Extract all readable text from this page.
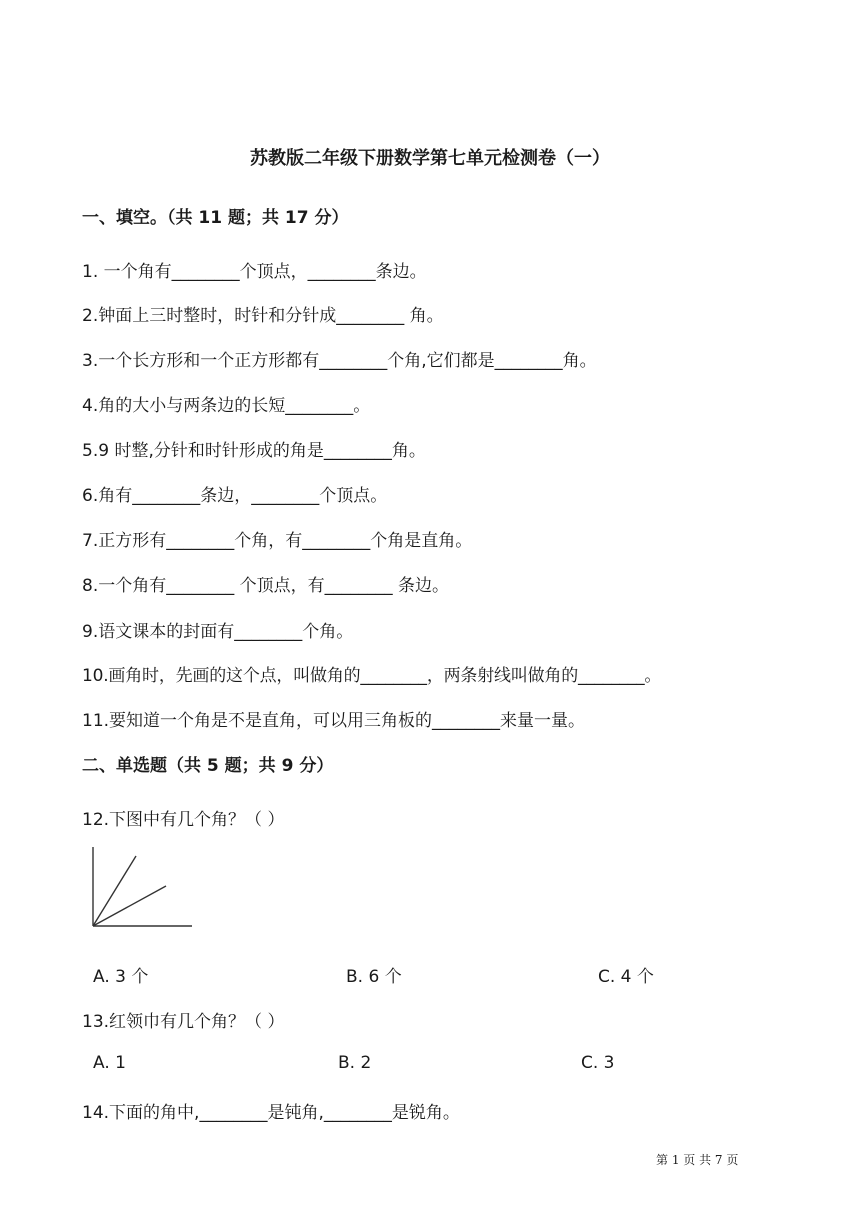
苏教版二年级下册数学第七单元检测卷（一）
一、填空。（共 11 题；共 17 分）
1. 一个角有________个顶点，________条边。
2.钟面上三时整时，时针和分针成________ 角。
3.一个长方形和一个正方形都有________个角,它们都是________角。
4.角的大小与两条边的长短________。
5.9 时整,分针和时针形成的角是________角。
6.角有________条边，________个顶点。
7.正方形有________个角，有________个角是直角。
8.一个角有________ 个顶点，有________ 条边。
9.语文课本的封面有________个角。
10.画角时，先画的这个点，叫做角的________，两条射线叫做角的________。
11.要知道一个角是不是直角，可以用三角板的________来量一量。
二、单选题（共 5 题；共 9 分）
12.下图中有几个角？（ ）
A. 3 个	B. 6 个	C. 4 个
13.红领巾有几个角？（ ）
A. 1	B. 2	C. 3
14.下面的角中,________是钝角,________是锐角。
第 1 页 共 7 页
